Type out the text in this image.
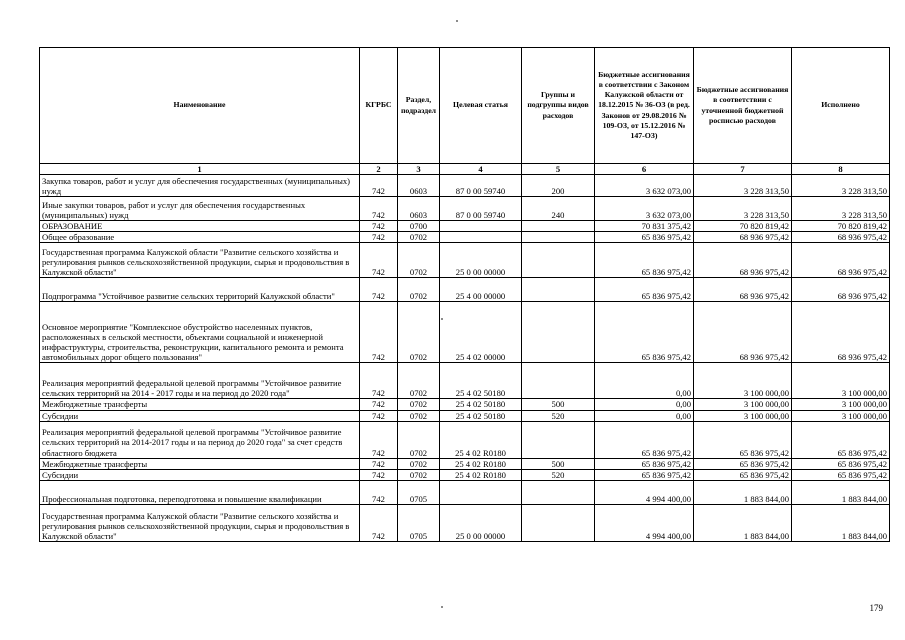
Наименование	КГРБС	Раздел, подраздел	Целевая статья	Группы и подгруппы видов расходов	Бюджетные ассигнования в соответствии с Законом Калужской области от 18.12.2015 № 36-ОЗ (в ред. Законов от 29.08.2016 № 109-ОЗ, от 15.12.2016 № 147-ОЗ)	Бюджетные ассигнования в соответствии с уточненной бюджетной росписью расходов	Исполнено
1	2	3	4	5	6	7	8
Закупка товаров, работ и услуг для обеспечения государственных (муниципальных) нужд	742	0603	87 0 00 59740	200	3 632 073,00	3 228 313,50	3 228 313,50
Иные закупки товаров, работ и услуг для обеспечения государственных (муниципальных) нужд	742	0603	87 0 00 59740	240	3 632 073,00	3 228 313,50	3 228 313,50
ОБРАЗОВАНИЕ	742	0700			70 831 375,42	70 820 819,42	70 820 819,42
Общее образование	742	0702			65 836 975,42	68 936 975,42	68 936 975,42
Государственная программа Калужской области "Развитие сельского хозяйства и регулирования рынков сельскохозяйственной продукции, сырья и продовольствия в Калужской области"	742	0702	25 0 00 00000		65 836 975,42	68 936 975,42	68 936 975,42
Подпрограмма "Устойчивое развитие сельских территорий Калужской области"	742	0702	25 4 00 00000		65 836 975,42	68 936 975,42	68 936 975,42
Основное мероприятие "Комплексное обустройство населенных пунктов, расположенных в сельской местности, объектами социальной и инженерной инфраструктуры, строительства, реконструкции, капитального ремонта и ремонта автомобильных дорог общего пользования"	742	0702	25 4 02 00000		65 836 975,42	68 936 975,42	68 936 975,42
Реализация мероприятий федеральной целевой программы "Устойчивое развитие сельских территорий на 2014 - 2017 годы и на период до 2020 года"	742	0702	25 4 02 50180		0,00	3 100 000,00	3 100 000,00
Межбюджетные трансферты	742	0702	25 4 02 50180	500	0,00	3 100 000,00	3 100 000,00
Субсидии	742	0702	25 4 02 50180	520	0,00	3 100 000,00	3 100 000,00
Реализация мероприятий федеральной целевой программы "Устойчивое развитие сельских территорий на 2014-2017 годы и на период до 2020 года" за счет средств областного бюджета	742	0702	25 4 02 R0180		65 836 975,42	65 836 975,42	65 836 975,42
Межбюджетные трансферты	742	0702	25 4 02 R0180	500	65 836 975,42	65 836 975,42	65 836 975,42
Субсидии	742	0702	25 4 02 R0180	520	65 836 975,42	65 836 975,42	65 836 975,42
Профессиональная подготовка, переподготовка и повышение квалификации	742	0705			4 994 400,00	1 883 844,00	1 883 844,00
Государственная программа Калужской области "Развитие сельского хозяйства и регулирования рынков сельскохозяйственной продукции, сырья и продовольствия в Калужской области"	742	0705	25 0 00 00000		4 994 400,00	1 883 844,00	1 883 844,00
179
